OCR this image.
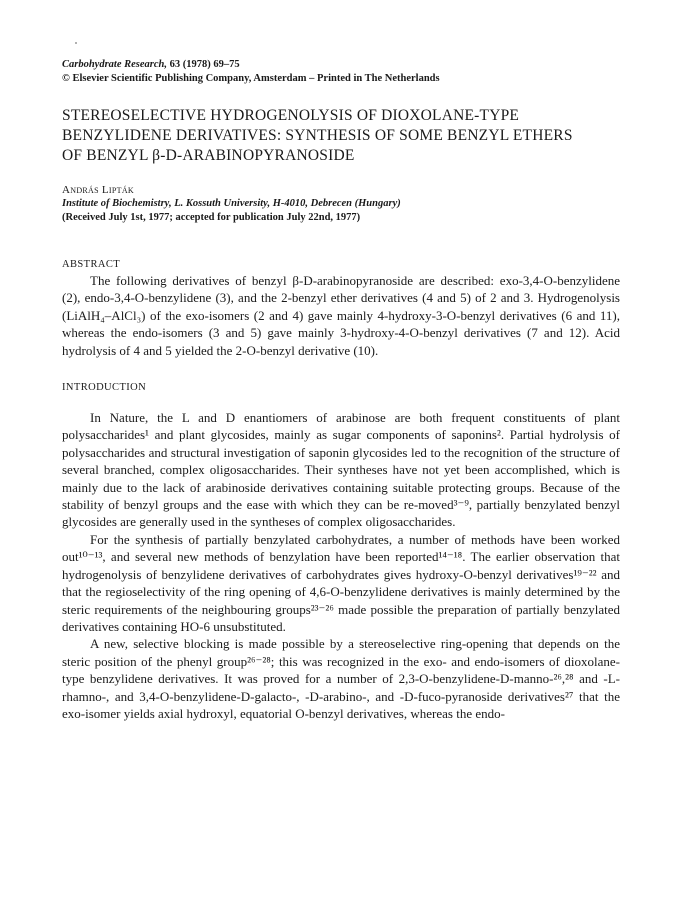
Carbohydrate Research, 63 (1978) 69–75
© Elsevier Scientific Publishing Company, Amsterdam – Printed in The Netherlands
STEREOSELECTIVE HYDROGENOLYSIS OF DIOXOLANE-TYPE
BENZYLIDENE DERIVATIVES: SYNTHESIS OF SOME BENZYL ETHERS
OF BENZYL β-D-ARABINOPYRANOSIDE
András Lipták
Institute of Biochemistry, L. Kossuth University, H-4010, Debrecen (Hungary)
(Received July 1st, 1977; accepted for publication July 22nd, 1977)
ABSTRACT

The following derivatives of benzyl β-D-arabinopyranoside are described: exo-3,4-O-benzylidene (2), endo-3,4-O-benzylidene (3), and the 2-benzyl ether derivatives (4 and 5) of 2 and 3. Hydrogenolysis (LiAlH₄–AlCl₃) of the exo-isomers (2 and 4) gave mainly 4-hydroxy-3-O-benzyl derivatives (6 and 11), whereas the endo-isomers (3 and 5) gave mainly 3-hydroxy-4-O-benzyl derivatives (7 and 12). Acid hydrolysis of 4 and 5 yielded the 2-O-benzyl derivative (10).

INTRODUCTION

In Nature, the L and D enantiomers of arabinose are both frequent constituents of plant polysaccharides¹ and plant glycosides, mainly as sugar components of saponins². Partial hydrolysis of polysaccharides and structural investigation of saponin glycosides led to the recognition of the structure of several branched, complex oligosaccharides. Their syntheses have not yet been accomplished, which is mainly due to the lack of arabinoside derivatives containing suitable protecting groups. Because of the stability of benzyl groups and the ease with which they can be re-moved³⁻⁹, partially benzylated benzyl glycosides are generally used in the syntheses of complex oligosaccharides.

For the synthesis of partially benzylated carbohydrates, a number of methods have been worked out¹⁰⁻¹³, and several new methods of benzylation have been reported¹⁴⁻¹⁸. The earlier observation that hydrogenolysis of benzylidene derivatives of carbohydrates gives hydroxy-O-benzyl derivatives¹⁹⁻²² and that the regioselectivity of the ring opening of 4,6-O-benzylidene derivatives is mainly determined by the steric requirements of the neighbouring groups²³⁻²⁶ made possible the preparation of partially benzylated derivatives containing HO-6 unsubstituted.

A new, selective blocking is made possible by a stereoselective ring-opening that depends on the steric position of the phenyl group²⁶⁻²⁸; this was recognized in the exo- and endo-isomers of dioxolane-type benzylidene derivatives. It was proved for a number of 2,3-O-benzylidene-D-manno-²⁶,²⁸ and -L-rhamno-, and 3,4-O-benzylidene-D-galacto-, -D-arabino-, and -D-fuco-pyranoside derivatives²⁷ that the exo-isomer yields axial hydroxyl, equatorial O-benzyl derivatives, whereas the endo-
